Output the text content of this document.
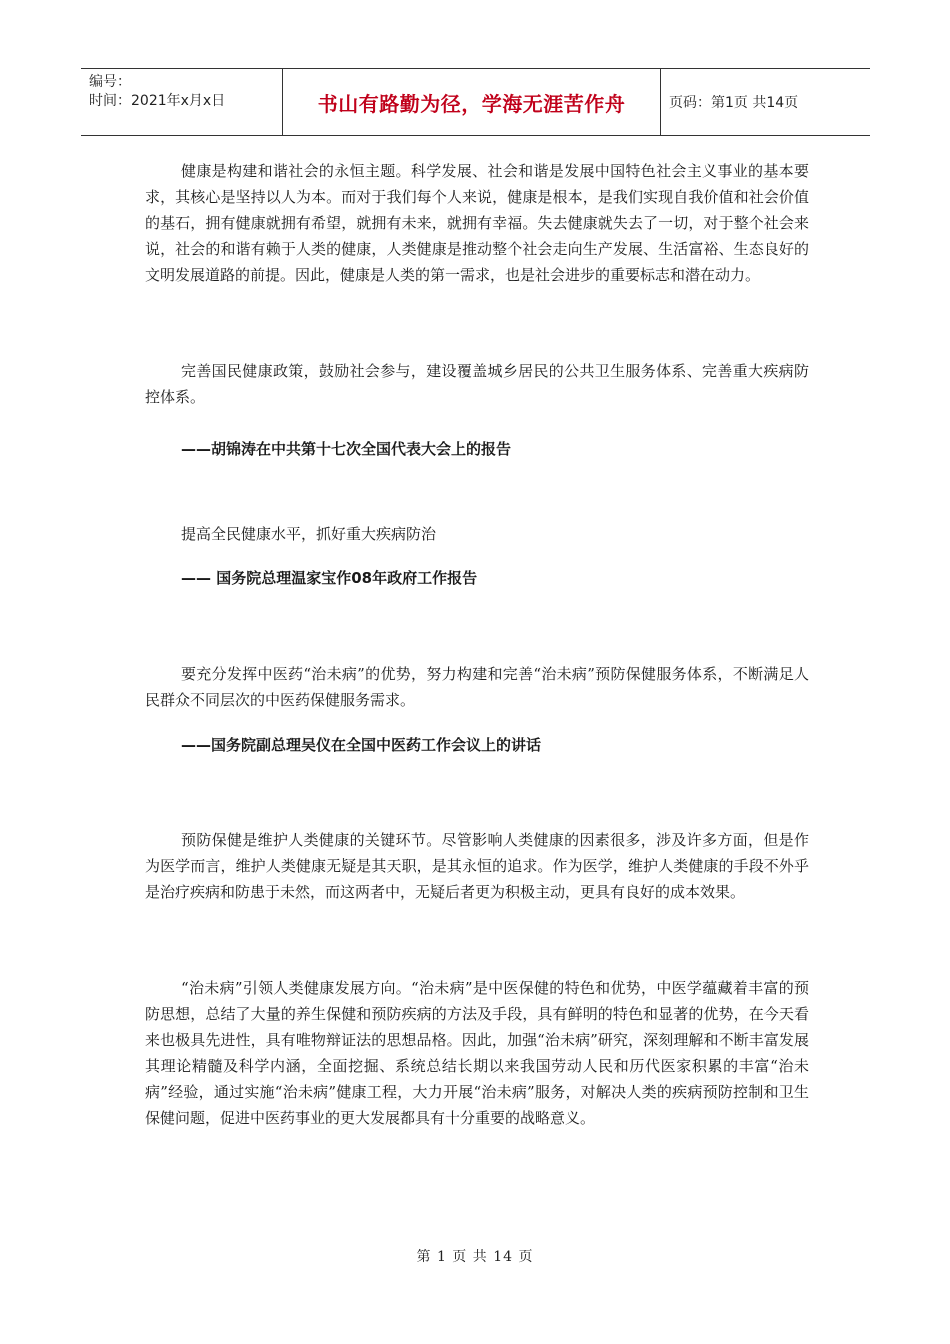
编号：
时间：2021年x月x日	书山有路勤为径，学海无涯苦作舟	页码：第1页 共14页

健康是构建和谐社会的永恒主题。科学发展、社会和谐是发展中国特色社会主义事业的基本要求，其核心是坚持以人为本。而对于我们每个人来说，健康是根本，是我们实现自我价值和社会价值的基石，拥有健康就拥有希望，就拥有未来，就拥有幸福。失去健康就失去了一切，对于整个社会来说，社会的和谐有赖于人类的健康，人类健康是推动整个社会走向生产发展、生活富裕、生态良好的文明发展道路的前提。因此，健康是人类的第一需求，也是社会进步的重要标志和潜在动力。

完善国民健康政策，鼓励社会参与，建设覆盖城乡居民的公共卫生服务体系、完善重大疾病防控体系。

——胡锦涛在中共第十七次全国代表大会上的报告

提高全民健康水平，抓好重大疾病防治

—— 国务院总理温家宝作08年政府工作报告

要充分发挥中医药“治未病”的优势，努力构建和完善“治未病”预防保健服务体系，不断满足人民群众不同层次的中医药保健服务需求。

——国务院副总理吴仪在全国中医药工作会议上的讲话

预防保健是维护人类健康的关键环节。尽管影响人类健康的因素很多，涉及许多方面，但是作为医学而言，维护人类健康无疑是其天职，是其永恒的追求。作为医学，维护人类健康的手段不外乎是治疗疾病和防患于未然，而这两者中，无疑后者更为积极主动，更具有良好的成本效果。

“治未病”引领人类健康发展方向。“治未病”是中医保健的特色和优势，中医学蕴藏着丰富的预防思想，总结了大量的养生保健和预防疾病的方法及手段，具有鲜明的特色和显著的优势，在今天看来也极具先进性，具有唯物辩证法的思想品格。因此，加强“治未病”研究，深刻理解和不断丰富发展其理论精髓及科学内涵，全面挖掘、系统总结长期以来我国劳动人民和历代医家积累的丰富“治未病”经验，通过实施“治未病”健康工程，大力开展“治未病”服务，对解决人类的疾病预防控制和卫生保健问题，促进中医药事业的更大发展都具有十分重要的战略意义。

第 1 页 共 14 页
